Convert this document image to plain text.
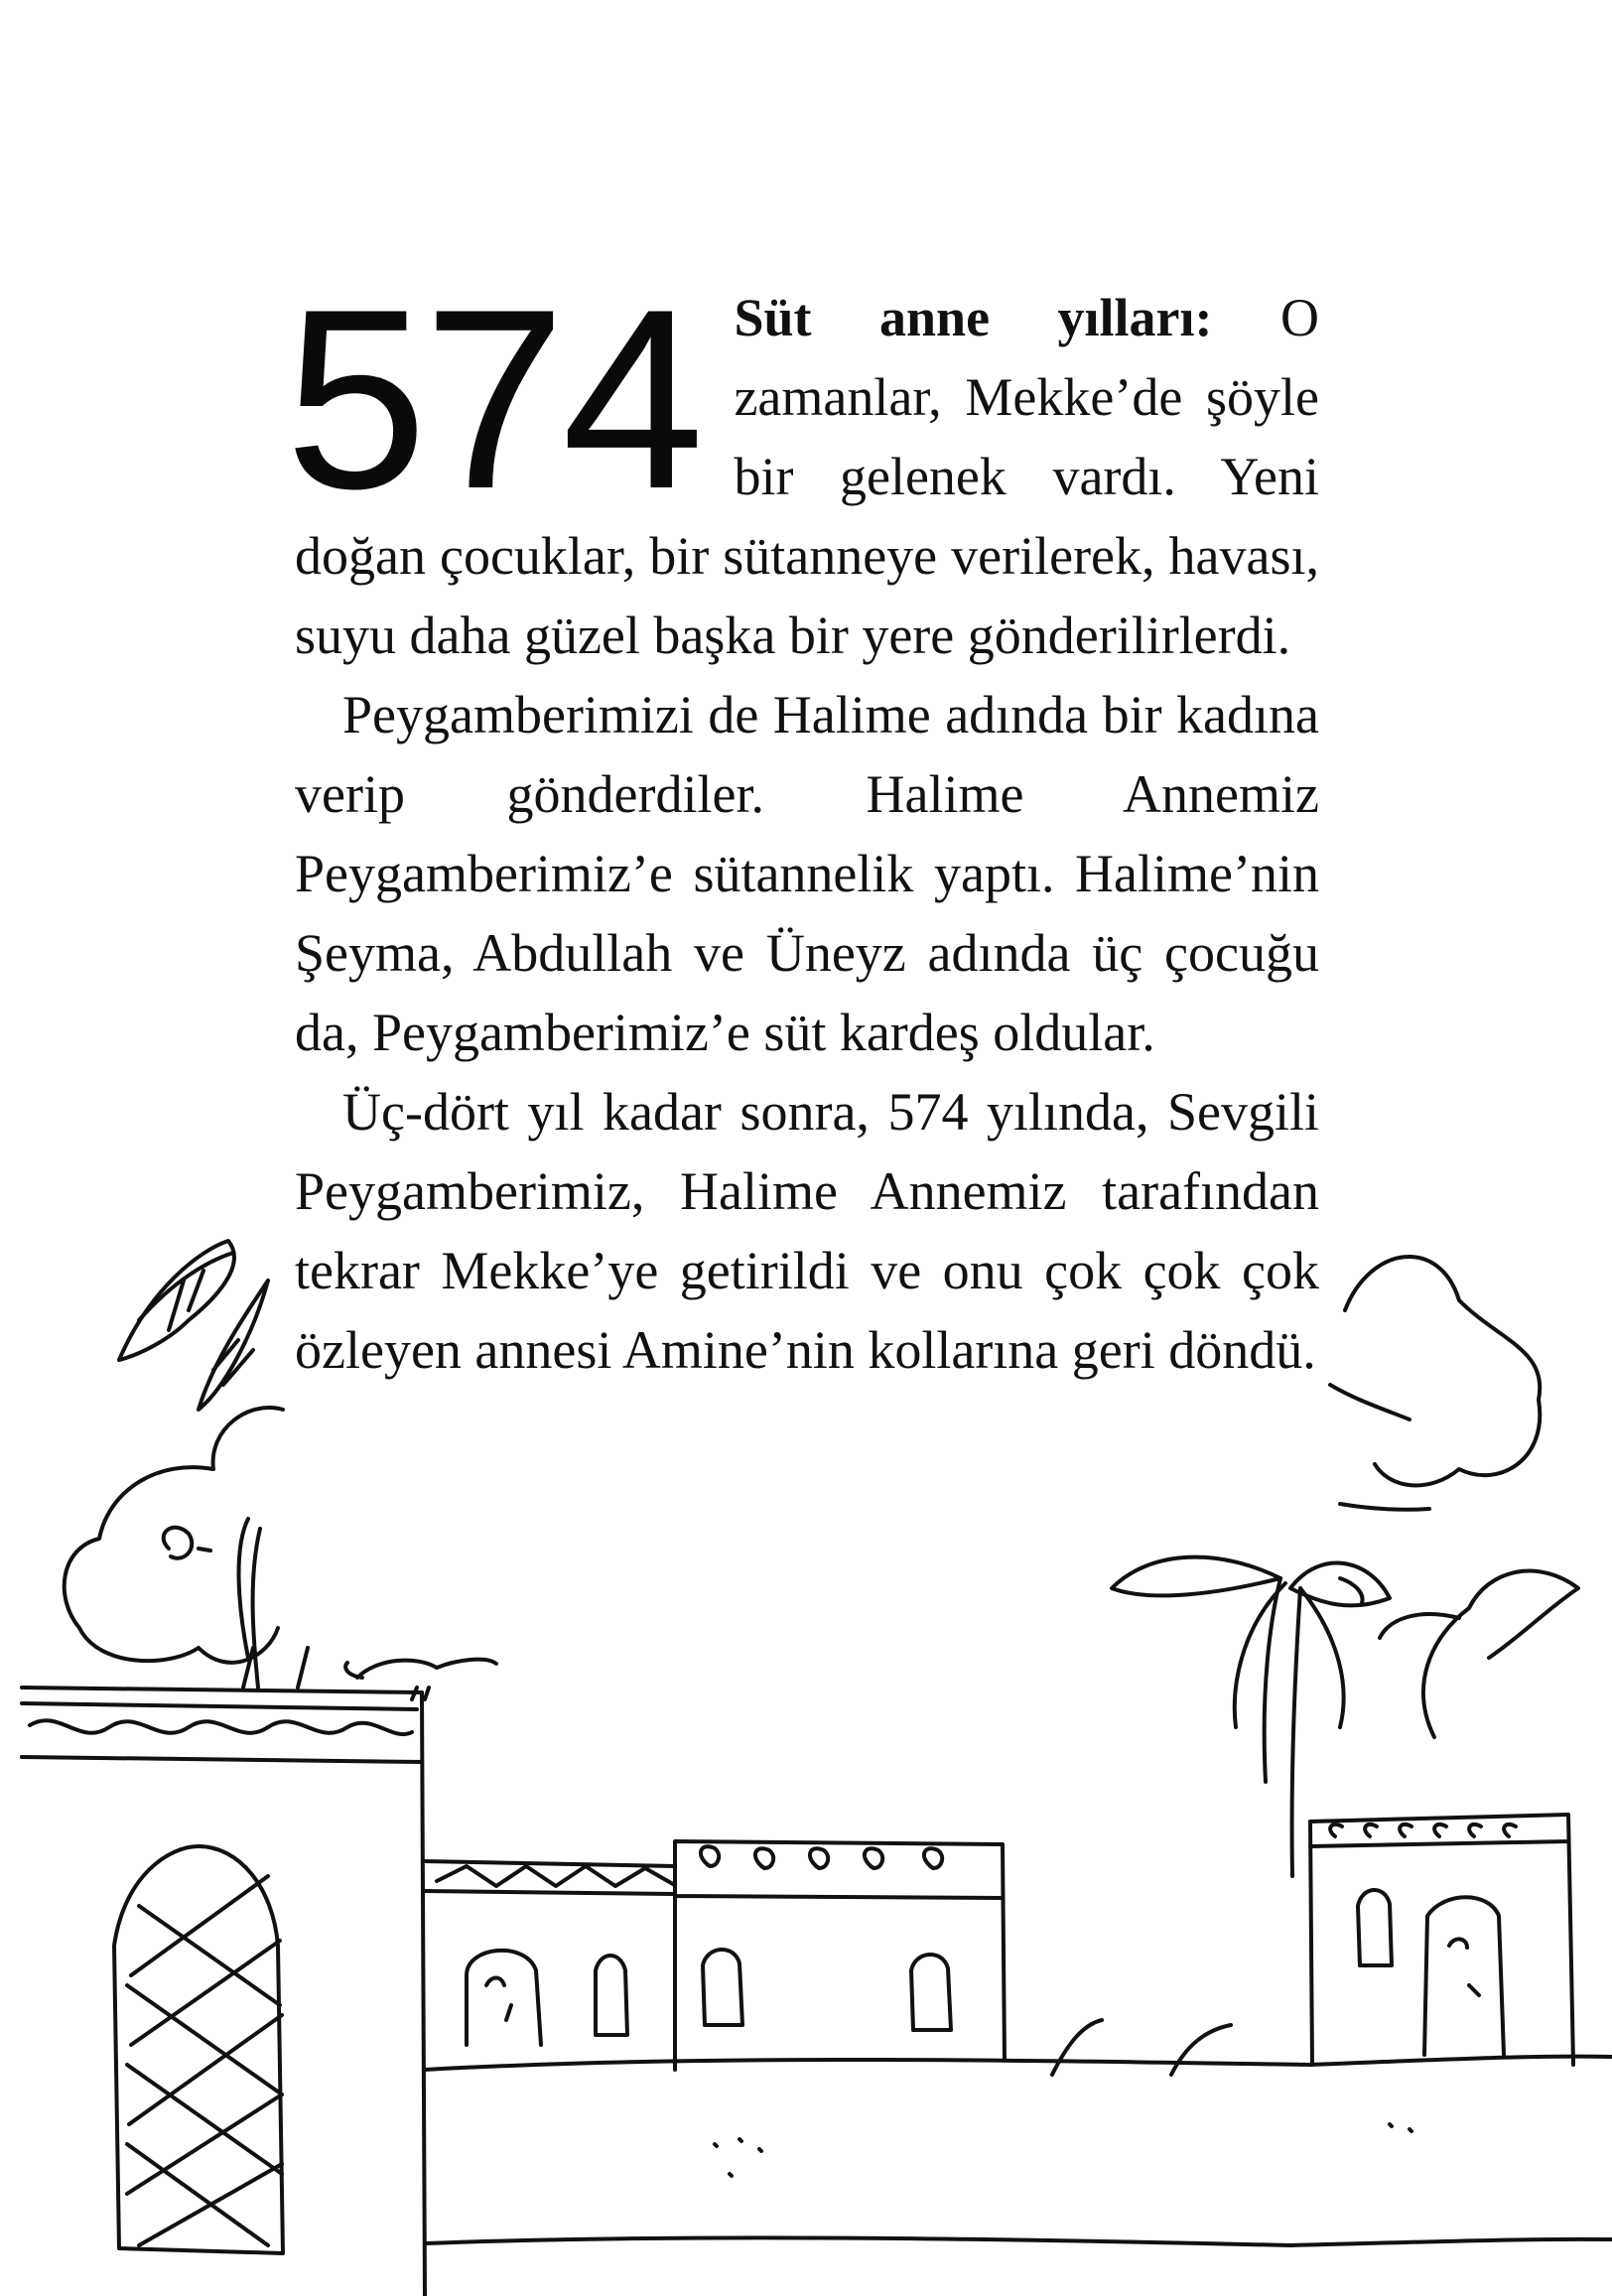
574 Süt anne yılları: O zamanlar, Mekke’de şöyle bir gelenek vardı. Yeni doğan çocuklar, bir sütanneye verilerek, havası, suyu daha güzel başka bir yere gönderilirlerdi.

Peygamberimizi de Halime adında bir kadına verip gönderdiler. Halime Annemiz Peygamberimiz’e sütannelik yaptı. Halime’nin Şeyma, Abdullah ve Üneyz adında üç çocuğu da, Peygamberimiz’e süt kardeş oldular.

Üç-dört yıl kadar sonra, 574 yılında, Sevgili Peygamberimiz, Halime Annemiz tarafından tekrar Mekke’ye getirildi ve onu çok çok çok özleyen annesi Amine’nin kollarına geri döndü.
